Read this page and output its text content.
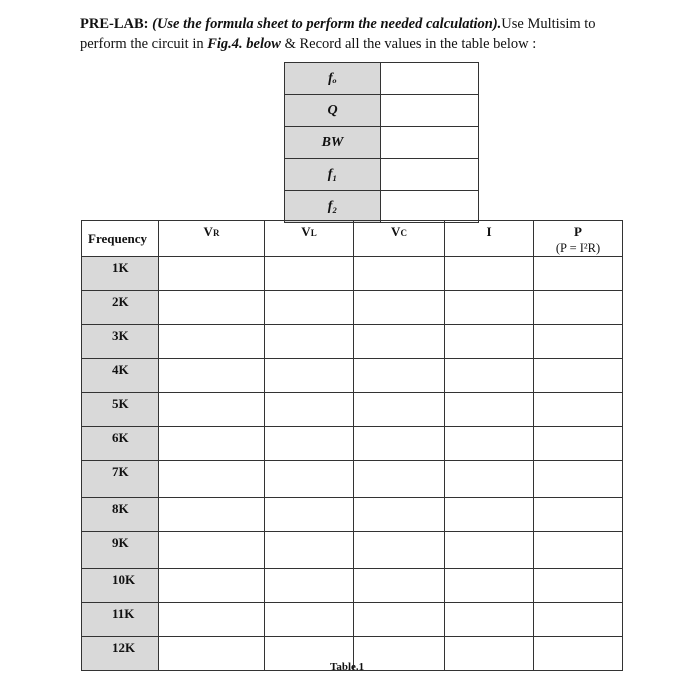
PRE-LAB: (Use the formula sheet to perform the needed calculation).Use Multisim to perform the circuit in Fig.4. below & Record all the values in the table below :
fₒ	
Q	
BW	
f₁	
f₂	
Frequency	VR	VL	VC	I	P
(P = I²R)

1K					
2K					
3K					
4K					
5K					
6K					
7K					
8K					
9K					
10K					
11K					
12K					
Table.1
